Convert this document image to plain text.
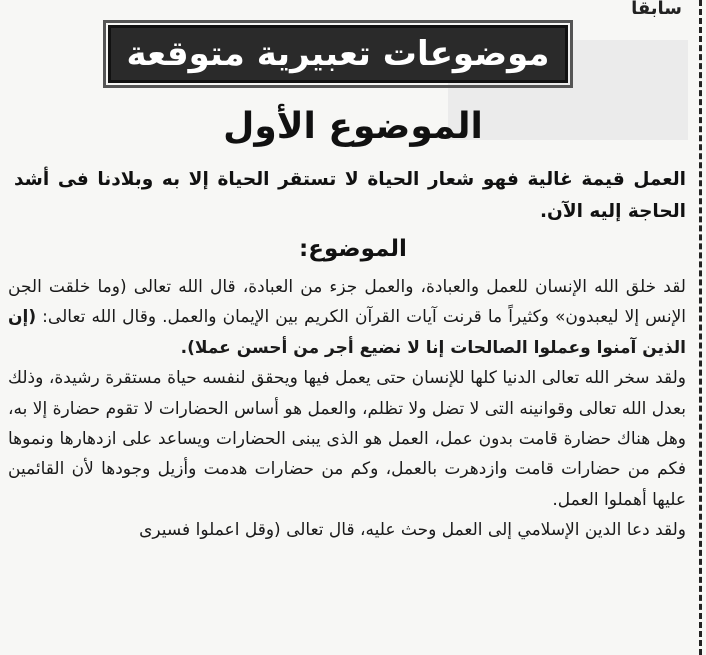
سابقا
موضوعات تعبيرية متوقعة
الموضوع الأول
العمل قيمة غالية فهو شعار الحياة لا تستقر الحياة إلا به وبلادنا فى أشد الحاجة إليه الآن.
الموضوع:

لقد خلق الله الإنسان للعمل والعبادة، والعمل جزء من العبادة، قال الله تعالى (وما خلقت الجن الإنس إلا ليعبدون» وكثيراً ما قرنت آيات القرآن الكريم بين الإيمان والعمل. وقال الله تعالى: (إن الذين آمنوا وعملوا الصالحات إنا لا نضيع أجر من أحسن عملا).

ولقد سخر الله تعالى الدنيا كلها للإنسان حتى يعمل فيها ويحقق لنفسه حياة مستقرة رشيدة، وذلك بعدل الله تعالى وقوانينه التى لا تضل ولا تظلم، والعمل هو أساس الحضارات لا تقوم حضارة إلا به، وهل هناك حضارة قامت بدون عمل، العمل هو الذى يبنى الحضارات ويساعد على ازدهارها ونموها فكم من حضارات قامت وازدهرت بالعمل، وكم من حضارات هدمت وأزيل وجودها لأن القائمين عليها أهملوا العمل.

ولقد دعا الدين الإسلامي إلى العمل وحث عليه، قال تعالى (وقل اعملوا فسيرى
